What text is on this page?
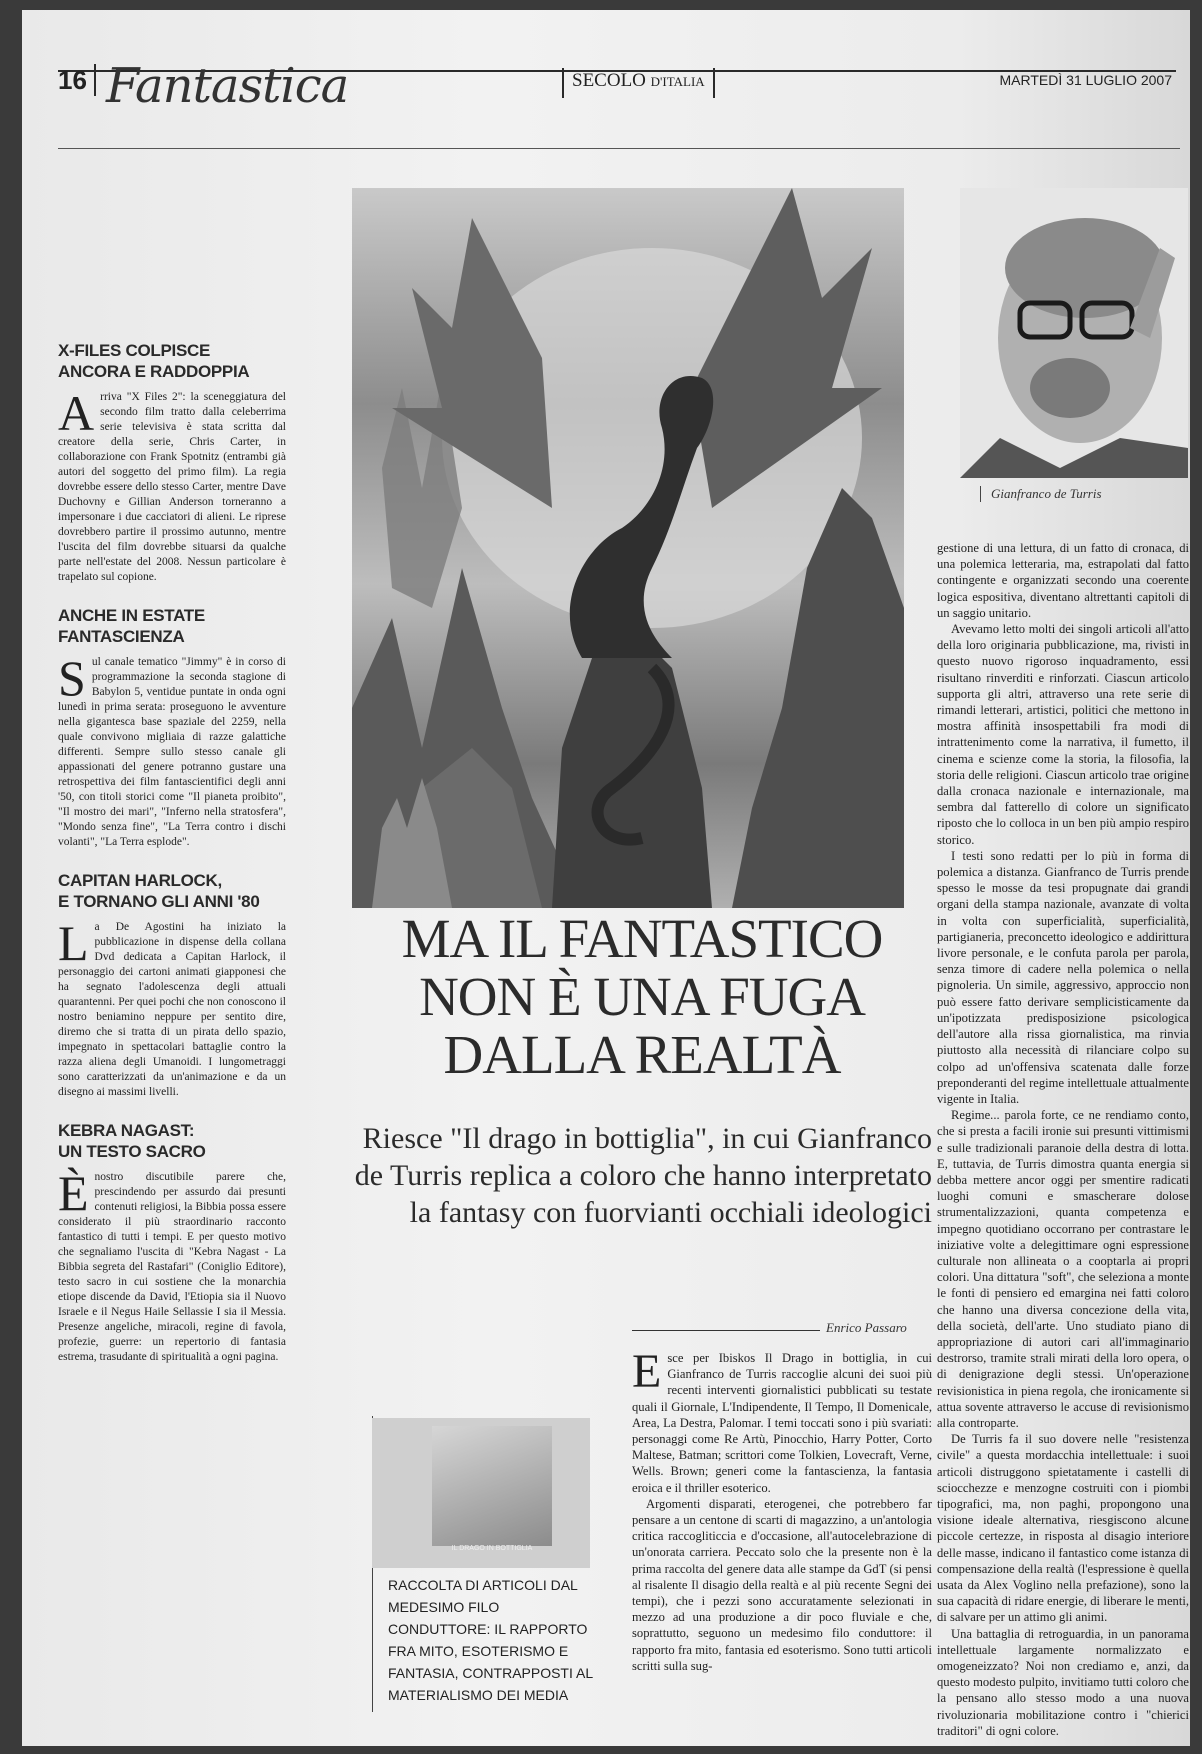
16 Fantastica	SECOLO D'ITALIA	MARTEDÌ 31 LUGLIO 2007
X-FILES COLPISCE
ANCORA E RADDOPPIA
Arriva "X Files 2": la sceneggiatura del secondo film tratto dalla celeberrima serie televisiva è stata scritta dal creatore della serie, Chris Carter, in collaborazione con Frank Spotnitz (entrambi già autori del soggetto del primo film). La regia dovrebbe essere dello stesso Carter, mentre Dave Duchovny e Gillian Anderson torneranno a impersonare i due cacciatori di alieni. Le riprese dovrebbero partire il prossimo autunno, mentre l'uscita del film dovrebbe situarsi da qualche parte nell'estate del 2008. Nessun particolare è trapelato sul copione.
ANCHE IN ESTATE
FANTASCIENZA
Sul canale tematico "Jimmy" è in corso di programmazione la seconda stagione di Babylon 5, ventidue puntate in onda ogni lunedì in prima serata: proseguono le avventure nella gigantesca base spaziale del 2259, nella quale convivono migliaia di razze galattiche differenti. Sempre sullo stesso canale gli appassionati del genere potranno gustare una retrospettiva dei film fantascientifici degli anni '50, con titoli storici come "Il pianeta proibito", "Il mostro dei mari", "Inferno nella stratosfera", "Mondo senza fine", "La Terra contro i dischi volanti", "La Terra esplode".
CAPITAN HARLOCK,
E TORNANO GLI ANNI '80
La De Agostini ha iniziato la pubblicazione in dispense della collana Dvd dedicata a Capitan Harlock, il personaggio dei cartoni animati giapponesi che ha segnato l'adolescenza degli attuali quarantenni. Per quei pochi che non conoscono il nostro beniamino neppure per sentito dire, diremo che si tratta di un pirata dello spazio, impegnato in spettacolari battaglie contro la razza aliena degli Umanoidi. I lungometraggi sono caratterizzati da un'animazione e da un disegno ai massimi livelli.
KEBRA NAGAST:
UN TESTO SACRO
Ènostro discutibile parere che, prescindendo per assurdo dai presunti contenuti religiosi, la Bibbia possa essere considerato il più straordinario racconto fantastico di tutti i tempi. E per questo motivo che segnaliamo l'uscita di "Kebra Nagast - La Bibbia segreta del Rastafari" (Coniglio Editore), testo sacro in cui sostiene che la monarchia etiope discende da David, l'Etiopia sia il Nuovo Israele e il Negus Haile Sellassie I sia il Messia. Presenze angeliche, miracoli, regine di favola, profezie, guerre: un repertorio di fantasia estrema, trasudante di spiritualità a ogni pagina.
Gianfranco de Turris

gestione di una lettura, di un fatto di cronaca, di una polemica letteraria, ma, estrapolati dal fatto contingente e organizzati secondo una coerente logica espositiva, diventano altrettanti capitoli di un saggio unitario.

Avevamo letto molti dei singoli articoli all'atto della loro originaria pubblicazione, ma, rivisti in questo nuovo rigoroso inquadramento, essi risultano rinverditi e rinforzati. Ciascun articolo supporta gli altri, attraverso una rete serie di rimandi letterari, artistici, politici che mettono in mostra affinità insospettabili fra modi di intrattenimento come la narrativa, il fumetto, il cinema e scienze come la storia, la filosofia, la storia delle religioni. Ciascun articolo trae origine dalla cronaca nazionale e internazionale, ma sembra dal fatterello di colore un significato riposto che lo colloca in un ben più ampio respiro storico.

I testi sono redatti per lo più in forma di polemica a distanza. Gianfranco de Turris prende spesso le mosse da tesi propugnate dai grandi organi della stampa nazionale, avanzate di volta in volta con superficialità, superficialità, partigianeria, preconcetto ideologico e addirittura livore personale, e le confuta parola per parola, senza timore di cadere nella polemica o nella pignoleria. Un simile, aggressivo, approccio non può essere fatto derivare semplicisticamente da un'ipotizzata predisposizione psicologica dell'autore alla rissa giornalistica, ma rinvia piuttosto alla necessità di rilanciare colpo su colpo ad un'offensiva scatenata dalle forze preponderanti del regime intellettuale attualmente vigente in Italia.

Regime... parola forte, ce ne rendiamo conto, che si presta a facili ironie sui presunti vittimismi e sulle tradizionali paranoie della destra di lotta. E, tuttavia, de Turris dimostra quanta energia si debba mettere ancor oggi per smentire radicati luoghi comuni e smascherare dolose strumentalizzazioni, quanta competenza e impegno quotidiano occorrano per contrastare le iniziative volte a delegittimare ogni espressione culturale non allineata o a cooptarla ai propri colori. Una dittatura "soft", che seleziona a monte le fonti di pensiero ed emargina nei fatti coloro che hanno una diversa concezione della vita, della società, dell'arte. Uno studiato piano di appropriazione di autori cari all'immaginario destrorso, tramite strali mirati della loro opera, o di denigrazione degli stessi. Un'operazione revisionistica in piena regola, che ironicamente si attua sovente attraverso le accuse di revisionismo alla controparte.

De Turris fa il suo dovere nelle "resistenza civile" a questa mordacchia intellettuale: i suoi articoli distruggono spietatamente i castelli di sciocchezze e menzogne costruiti con i piombi tipografici, ma, non paghi, propongono una visione ideale alternativa, riesgiscono alcune piccole certezze, in risposta al disagio interiore delle masse, indicano il fantastico come istanza di compensazione della realtà (l'espressione è quella usata da Alex Voglino nella prefazione), sono la sua capacità di ridare energie, di liberare le menti, di salvare per un attimo gli animi.

Una battaglia di retroguardia, in un panorama intellettuale largamente normalizzato e omogeneizzato? Noi non crediamo e, anzi, da questo modesto pulpito, invitiamo tutti coloro che la pensano allo stesso modo a una nuova rivoluzionaria mobilitazione contro i "chierici traditori" di ogni colore.

MA IL FANTASTICO
NON È UNA FUGA
DALLA REALTÀ
Riesce "Il drago in bottiglia", in cui Gianfranco de Turris replica a coloro che hanno interpretato la fantasy con fuorvianti occhiali ideologici
Enrico Passaro
IL DRAGO IN BOTTIGLIA
RACCOLTA DI ARTICOLI DAL MEDESIMO FILO CONDUTTORE: IL RAPPORTO FRA MITO, ESOTERISMO E FANTASIA, CONTRAPPOSTI AL MATERIALISMO DEI MEDIA

Esce per Ibiskos Il Drago in bottiglia, in cui Gianfranco de Turris raccoglie alcuni dei suoi più recenti interventi giornalistici pubblicati su testate quali il Giornale, L'Indipendente, Il Tempo, Il Domenicale, Area, La Destra, Palomar. I temi toccati sono i più svariati: personaggi come Re Artù, Pinocchio, Harry Potter, Corto Maltese, Batman; scrittori come Tolkien, Lovecraft, Verne, Wells. Brown; generi come la fantascienza, la fantasia eroica e il thriller esoterico.

Argomenti disparati, eterogenei, che potrebbero far pensare a un centone di scarti di magazzino, a un'antologia critica raccogliticcia e d'occasione, all'autocelebrazione di un'onorata carriera. Peccato solo che la presente non è la prima raccolta del genere data alle stampe da GdT (si pensi al risalente Il disagio della realtà e al più recente Segni dei tempi), che i pezzi sono accuratamente selezionati in mezzo ad una produzione a dir poco fluviale e che, soprattutto, seguono un medesimo filo conduttore: il rapporto fra mito, fantasia ed esoterismo. Sono tutti articoli scritti sulla sug-
